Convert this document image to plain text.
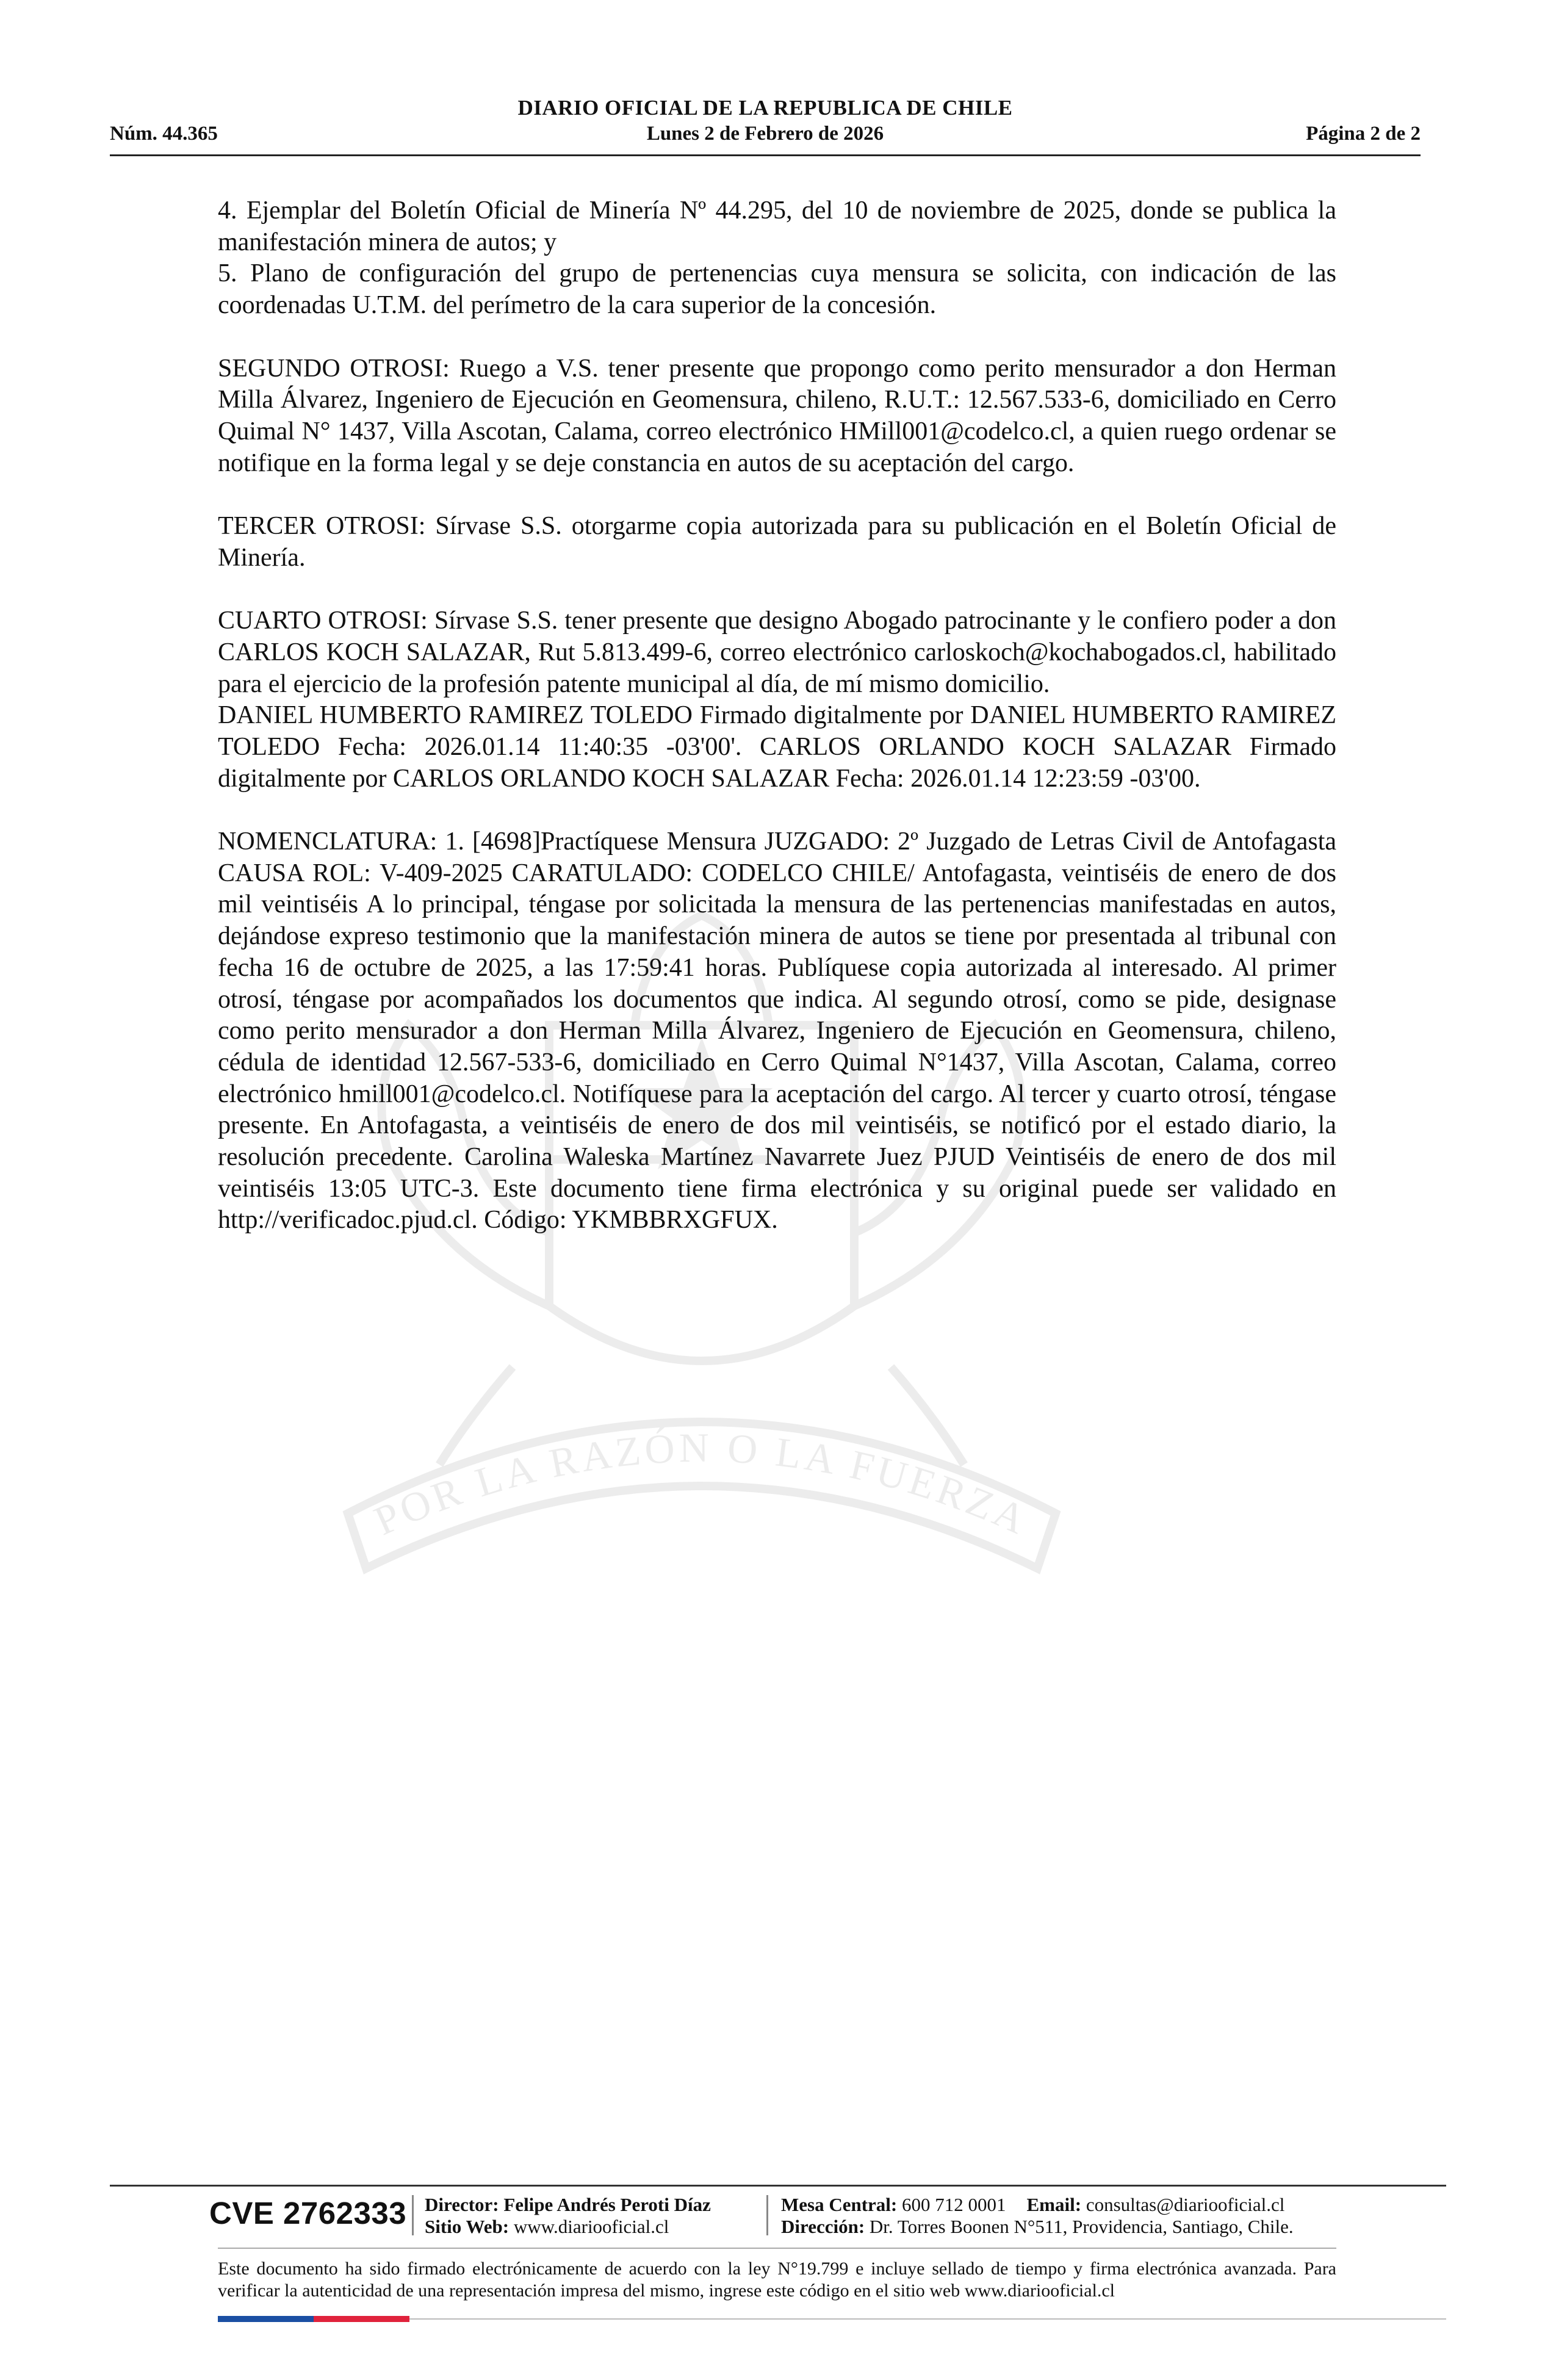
DIARIO OFICIAL DE LA REPUBLICA DE CHILE
Núm. 44.365	Lunes 2 de Febrero de 2026	Página 2 de 2
POR LA RAZÓN O LA FUERZA

4. Ejemplar del Boletín Oficial de Minería Nº 44.295, del 10 de noviembre de 2025, donde se publica la manifestación minera de autos; y

5. Plano de configuración del grupo de pertenencias cuya mensura se solicita, con indicación de las coordenadas U.T.M. del perímetro de la cara superior de la concesión.

SEGUNDO OTROSI: Ruego a V.S. tener presente que propongo como perito mensurador a don Herman Milla Álvarez, Ingeniero de Ejecución en Geomensura, chileno, R.U.T.: 12.567.533-6, domiciliado en Cerro Quimal N° 1437, Villa Ascotan, Calama, correo electrónico HMill001@codelco.cl, a quien ruego ordenar se notifique en la forma legal y se deje constancia en autos de su aceptación del cargo.

TERCER OTROSI: Sírvase S.S. otorgarme copia autorizada para su publicación en el Boletín Oficial de Minería.

CUARTO OTROSI: Sírvase S.S. tener presente que designo Abogado patrocinante y le confiero poder a don CARLOS KOCH SALAZAR, Rut 5.813.499-6, correo electrónico carloskoch@kochabogados.cl, habilitado para el ejercicio de la profesión patente municipal al día, de mí mismo domicilio.

DANIEL HUMBERTO RAMIREZ TOLEDO Firmado digitalmente por DANIEL HUMBERTO RAMIREZ TOLEDO Fecha: 2026.01.14 11:40:35 -03'00'. CARLOS ORLANDO KOCH SALAZAR Firmado digitalmente por CARLOS ORLANDO KOCH SALAZAR Fecha: 2026.01.14 12:23:59 -03'00.

NOMENCLATURA: 1. [4698]Practíquese Mensura JUZGADO: 2º Juzgado de Letras Civil de Antofagasta CAUSA ROL: V-409-2025 CARATULADO: CODELCO CHILE/ Antofagasta, veintiséis de enero de dos mil veintiséis A lo principal, téngase por solicitada la mensura de las pertenencias manifestadas en autos, dejándose expreso testimonio que la manifestación minera de autos se tiene por presentada al tribunal con fecha 16 de octubre de 2025, a las 17:59:41 horas. Publíquese copia autorizada al interesado. Al primer otrosí, téngase por acompañados los documentos que indica. Al segundo otrosí, como se pide, designase como perito mensurador a don Herman Milla Álvarez, Ingeniero de Ejecución en Geomensura, chileno, cédula de identidad 12.567-533-6, domiciliado en Cerro Quimal N°1437, Villa Ascotan, Calama, correo electrónico hmill001@codelco.cl. Notifíquese para la aceptación del cargo. Al tercer y cuarto otrosí, téngase presente. En Antofagasta, a veintiséis de enero de dos mil veintiséis, se notificó por el estado diario, la resolución precedente. Carolina Waleska Martínez Navarrete Juez PJUD Veintiséis de enero de dos mil veintiséis 13:05 UTC-3. Este documento tiene firma electrónica y su original puede ser validado en http://verificadoc.pjud.cl. Código: YKMBBRXGFUX.

CVE 2762333 Director: Felipe Andrés Peroti Díaz
Sitio Web: www.diariooficial.cl
Mesa Central: 600 712 0001 Email: consultas@diariooficial.cl
Dirección: Dr. Torres Boonen N°511, Providencia, Santiago, Chile.
Este documento ha sido firmado electrónicamente de acuerdo con la ley N°19.799 e incluye sellado de tiempo y firma electrónica avanzada. Para verificar la autenticidad de una representación impresa del mismo, ingrese este código en el sitio web www.diariooficial.cl
